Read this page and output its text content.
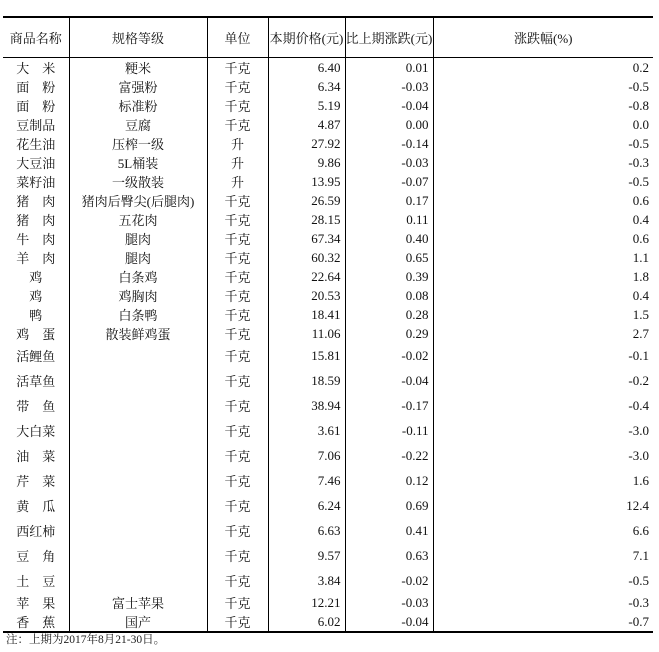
商品名称	规格等级	单位	本期价格(元)	比上期涨跌(元)	涨跌幅(%)
大　米	粳米	千克	6.40	0.01	0.2
面　粉	富强粉	千克	6.34	-0.03	-0.5
面　粉	标准粉	千克	5.19	-0.04	-0.8
豆制品	豆腐	千克	4.87	0.00	0.0
花生油	压榨一级	升	27.92	-0.14	-0.5
大豆油	5L桶装	升	9.86	-0.03	-0.3
菜籽油	一级散装	升	13.95	-0.07	-0.5
猪　肉	猪肉后臀尖(后腿肉)	千克	26.59	0.17	0.6
猪　肉	五花肉	千克	28.15	0.11	0.4
牛　肉	腿肉	千克	67.34	0.40	0.6
羊　肉	腿肉	千克	60.32	0.65	1.1
鸡	白条鸡	千克	22.64	0.39	1.8
鸡	鸡胸肉	千克	20.53	0.08	0.4
鸭	白条鸭	千克	18.41	0.28	1.5
鸡　蛋	散装鲜鸡蛋	千克	11.06	0.29	2.7
活鲤鱼		千克	15.81	-0.02	-0.1
活草鱼		千克	18.59	-0.04	-0.2
带　鱼		千克	38.94	-0.17	-0.4
大白菜		千克	3.61	-0.11	-3.0
油　菜		千克	7.06	-0.22	-3.0
芹　菜		千克	7.46	0.12	1.6
黄　瓜		千克	6.24	0.69	12.4
西红柿		千克	6.63	0.41	6.6
豆　角		千克	9.57	0.63	7.1
土　豆		千克	3.84	-0.02	-0.5
苹　果	富士苹果	千克	12.21	-0.03	-0.3
香　蕉	国产	千克	6.02	-0.04	-0.7
注：上期为2017年8月21-30日。
